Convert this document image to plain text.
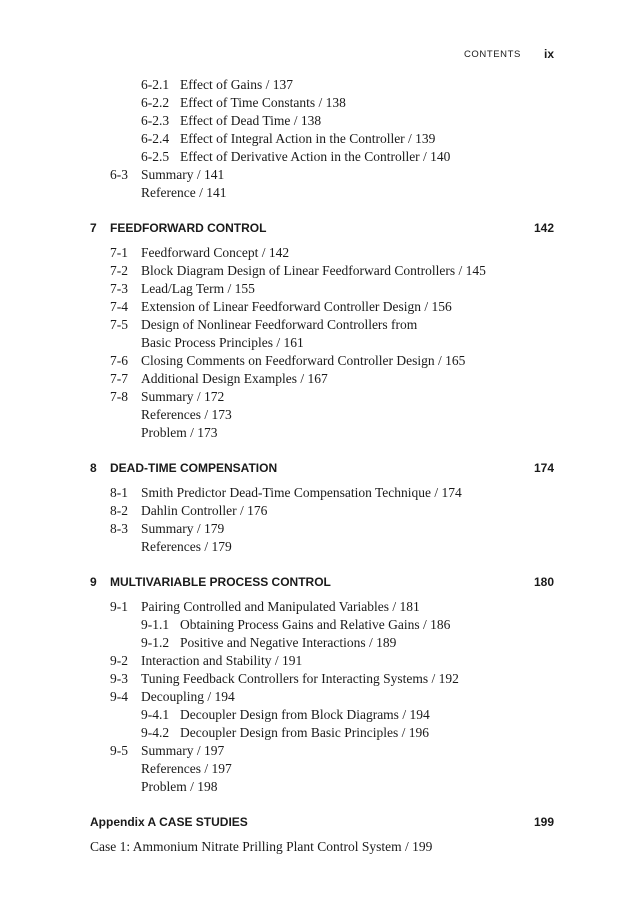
CONTENTS ix
6-2.1 Effect of Gains / 137
6-2.2 Effect of Time Constants / 138
6-2.3 Effect of Dead Time / 138
6-2.4 Effect of Integral Action in the Controller / 139
6-2.5 Effect of Derivative Action in the Controller / 140
6-3 Summary / 141
Reference / 141
7 FEEDFORWARD CONTROL	142
7-1 Feedforward Concept / 142
7-2 Block Diagram Design of Linear Feedforward Controllers / 145
7-3 Lead/Lag Term / 155
7-4 Extension of Linear Feedforward Controller Design / 156
7-5 Design of Nonlinear Feedforward Controllers from
Basic Process Principles / 161
7-6 Closing Comments on Feedforward Controller Design / 165
7-7 Additional Design Examples / 167
7-8 Summary / 172
References / 173
Problem / 173
8 DEAD-TIME COMPENSATION	174
8-1 Smith Predictor Dead-Time Compensation Technique / 174
8-2 Dahlin Controller / 176
8-3 Summary / 179
References / 179
9 MULTIVARIABLE PROCESS CONTROL	180
9-1 Pairing Controlled and Manipulated Variables / 181
9-1.1 Obtaining Process Gains and Relative Gains / 186
9-1.2 Positive and Negative Interactions / 189
9-2 Interaction and Stability / 191
9-3 Tuning Feedback Controllers for Interacting Systems / 192
9-4 Decoupling / 194
9-4.1 Decoupler Design from Block Diagrams / 194
9-4.2 Decoupler Design from Basic Principles / 196
9-5 Summary / 197
References / 197
Problem / 198
Appendix A CASE STUDIES	199
Case 1: Ammonium Nitrate Prilling Plant Control System / 199
